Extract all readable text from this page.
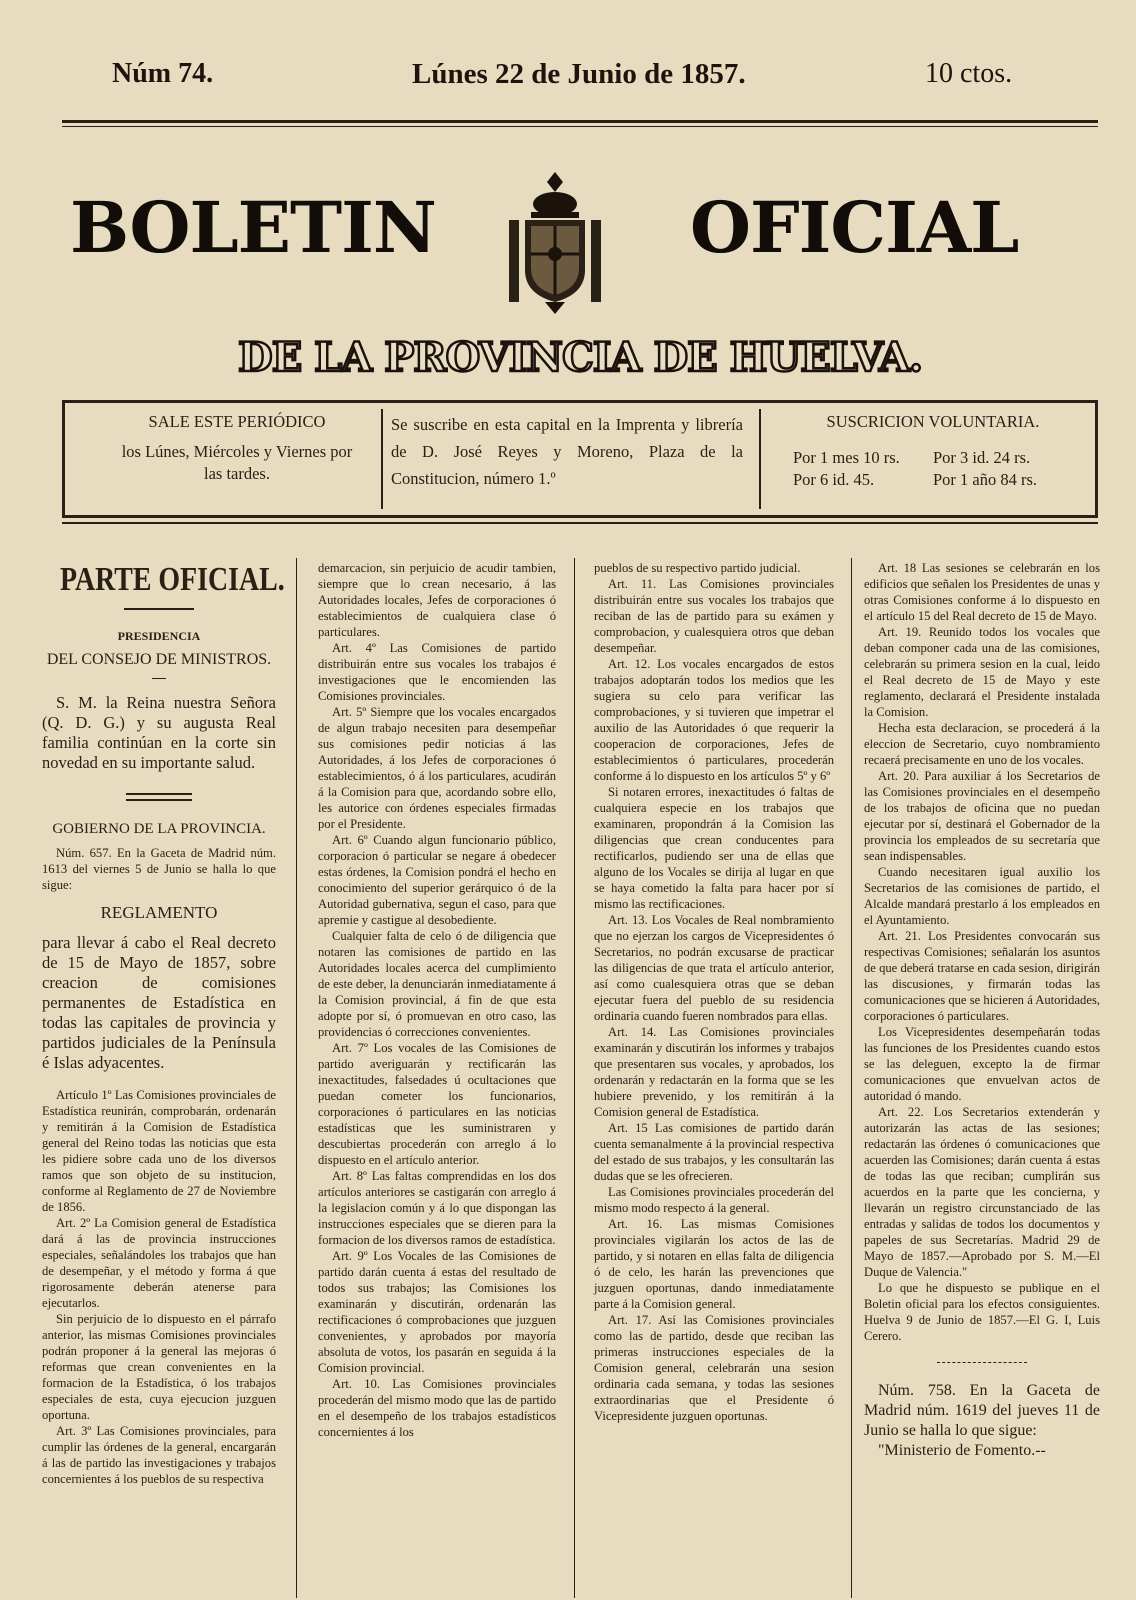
Núm 74.	Lúnes 22 de Junio de 1857.	10 ctos.
BOLETIN	OFICIAL
DE LA PROVINCIA DE HUELVA.
SALE ESTE PERIÓDICO
los Lúnes, Miércoles y Viernes por las tardes.
Se suscribe en esta capital en la Imprenta y librería de D. José Reyes y Moreno, Plaza de la Constitucion, número 1.º
SUSCRICION VOLUNTARIA.
Por 1 mes 10 rs. Por 3 id. 24 rs.
Por 6 id. 45.	Por 1 año 84 rs.
PARTE OFICIAL.
PRESIDENCIA
DEL CONSEJO DE MINISTROS.

S. M. la Reina nuestra Señora (Q. D. G.) y su augusta Real familia continúan en la corte sin novedad en su importante salud.

GOBIERNO DE LA PROVINCIA.

Núm. 657. En la Gaceta de Madrid núm. 1613 del viernes 5 de Junio se halla lo que sigue:

REGLAMENTO

para llevar á cabo el Real decreto de 15 de Mayo de 1857, sobre creacion de comisiones permanentes de Estadística en todas las capitales de provincia y partidos judiciales de la Península é Islas adyacentes.

Artículo 1º Las Comisiones provinciales de Estadística reunirán, comprobarán, ordenarán y remitirán á la Comision de Estadística general del Reino todas las noticias que esta les pidiere sobre cada uno de los diversos ramos que son objeto de su institucion, conforme al Reglamento de 27 de Noviembre de 1856.

Art. 2º La Comision general de Estadística dará á las de provincia instrucciones especiales, señalándoles los trabajos que han de desempeñar, y el método y forma á que rigorosamente deberán atenerse para ejecutarlos.

Sin perjuicio de lo dispuesto en el párrafo anterior, las mismas Comisiones provinciales podrán proponer á la general las mejoras ó reformas que crean convenientes en la formacion de la Estadística, ó los trabajos especiales de esta, cuya ejecucion juzguen oportuna.

Art. 3º Las Comisiones provinciales, para cumplir las órdenes de la general, encargarán á las de partido las investigaciones y trabajos concernientes á los pueblos de su respectiva

demarcacion, sin perjuicio de acudir tambien, siempre que lo crean necesario, á las Autoridades locales, Jefes de corporaciones ó establecimientos de cualquiera clase ó particulares.

Art. 4º Las Comisiones de partido distribuirán entre sus vocales los trabajos é investigaciones que le encomienden las Comisiones provinciales.

Art. 5º Siempre que los vocales encargados de algun trabajo necesiten para desempeñar sus comisiones pedir noticias á las Autoridades, á los Jefes de corporaciones ó establecimientos, ó á los particulares, acudirán á la Comision para que, acordando sobre ello, les autorice con órdenes especiales firmadas por el Presidente.

Art. 6º Cuando algun funcionario público, corporacion ó particular se negare á obedecer estas órdenes, la Comision pondrá el hecho en conocimiento del superior gerárquico ó de la Autoridad gubernativa, segun el caso, para que apremie y castigue al desobediente.

Cualquier falta de celo ó de diligencia que notaren las comisiones de partido en las Autoridades locales acerca del cumplimiento de este deber, la denunciarán inmediatamente á la Comision provincial, á fin de que esta adopte por sí, ó promuevan en otro caso, las providencias ó correcciones convenientes.

Art. 7º Los vocales de las Comisiones de partido averiguarán y rectificarán las inexactitudes, falsedades ú ocultaciones que puedan cometer los funcionarios, corporaciones ó particulares en las noticias estadísticas que les suministraren y descubiertas procederán con arreglo á lo dispuesto en el artículo anterior.

Art. 8º Las faltas comprendidas en los dos artículos anteriores se castigarán con arreglo á la legislacion común y á lo que dispongan las instrucciones especiales que se dieren para la formacion de los diversos ramos de estadística.

Art. 9º Los Vocales de las Comisiones de partido darán cuenta á estas del resultado de todos sus trabajos; las Comisiones los examinarán y discutirán, ordenarán las rectificaciones ó comprobaciones que juzguen convenientes, y aprobados por mayoría absoluta de votos, los pasarán en seguida á la Comision provincial.

Art. 10. Las Comisiones provinciales procederán del mismo modo que las de partido en el desempeño de los trabajos estadísticos concernientes á los

pueblos de su respectivo partido judicial.

Art. 11. Las Comisiones provinciales distribuirán entre sus vocales los trabajos que reciban de las de partido para su exámen y comprobacion, y cualesquiera otros que deban desempeñar.

Art. 12. Los vocales encargados de estos trabajos adoptarán todos los medios que les sugiera su celo para verificar las comprobaciones, y si tuvieren que impetrar el auxilio de las Autoridades ó que requerir la cooperacion de corporaciones, Jefes de establecimientos ó particulares, procederán conforme á lo dispuesto en los artículos 5º y 6º

Si notaren errores, inexactitudes ó faltas de cualquiera especie en los trabajos que examinaren, propondrán á la Comision las diligencias que crean conducentes para rectificarlos, pudiendo ser una de ellas que alguno de los Vocales se dirija al lugar en que se haya cometido la falta para hacer por sí mismo las rectificaciones.

Art. 13. Los Vocales de Real nombramiento que no ejerzan los cargos de Vicepresidentes ó Secretarios, no podrán excusarse de practicar las diligencias de que trata el artículo anterior, así como cualesquiera otras que se deban ejecutar fuera del pueblo de su residencia ordinaria cuando fueren nombrados para ellas.

Art. 14. Las Comisiones provinciales examinarán y discutirán los informes y trabajos que presentaren sus vocales, y aprobados, los ordenarán y redactarán en la forma que se les hubiere prevenido, y los remitirán á la Comision general de Estadística.

Art. 15 Las comisiones de partido darán cuenta semanalmente á la provincial respectiva del estado de sus trabajos, y les consultarán las dudas que se les ofrecieren.

Las Comisiones provinciales procederán del mismo modo respecto á la general.

Art. 16. Las mismas Comisiones provinciales vigilarán los actos de las de partido, y si notaren en ellas falta de diligencia ó de celo, les harán las prevenciones que juzguen oportunas, dando inmediatamente parte á la Comision general.

Art. 17. Así las Comisiones provinciales como las de partido, desde que reciban las primeras instrucciones especiales de la Comision general, celebrarán una sesion ordinaria cada semana, y todas las sesiones extraordinarias que el Presidente ó Vicepresidente juzguen oportunas.

Art. 18 Las sesiones se celebrarán en los edificios que señalen los Presidentes de unas y otras Comisiones conforme á lo dispuesto en el artículo 15 del Real decreto de 15 de Mayo.

Art. 19. Reunido todos los vocales que deban componer cada una de las comisiones, celebrarán su primera sesion en la cual, leido el Real decreto de 15 de Mayo y este reglamento, declarará el Presidente instalada la Comision.

Hecha esta declaracion, se procederá á la eleccion de Secretario, cuyo nombramiento recaerá precisamente en uno de los vocales.

Art. 20. Para auxiliar á los Secretarios de las Comisiones provinciales en el desempeño de los trabajos de oficina que no puedan ejecutar por sí, destinará el Gobernador de la provincia los empleados de su secretaría que sean indispensables.

Cuando necesitaren igual auxilio los Secretarios de las comisiones de partido, el Alcalde mandará prestarlo á los empleados en el Ayuntamiento.

Art. 21. Los Presidentes convocarán sus respectivas Comisiones; señalarán los asuntos de que deberá tratarse en cada sesion, dirigirán las discusiones, y firmarán todas las comunicaciones que se hicieren á Autoridades, corporaciones ó particulares.

Los Vicepresidentes desempeñarán todas las funciones de los Presidentes cuando estos se las deleguen, excepto la de firmar comunicaciones que envuelvan actos de autoridad ó mando.

Art. 22. Los Secretarios extenderán y autorizarán las actas de las sesiones; redactarán las órdenes ó comunicaciones que acuerden las Comisiones; darán cuenta á estas de todas las que reciban; cumplirán sus acuerdos en la parte que les concierna, y llevarán un registro circunstanciado de las entradas y salidas de todos los documentos y papeles de sus Secretarías. Madrid 29 de Mayo de 1857.—Aprobado por S. M.—El Duque de Valencia."

Lo que he dispuesto se publique en el Boletin oficial para los efectos consiguientes. Huelva 9 de Junio de 1857.—El G. I, Luis Cerero.

Núm. 758. En la Gaceta de Madrid núm. 1619 del jueves 11 de Junio se halla lo que sigue:

"Ministerio de Fomento.--
